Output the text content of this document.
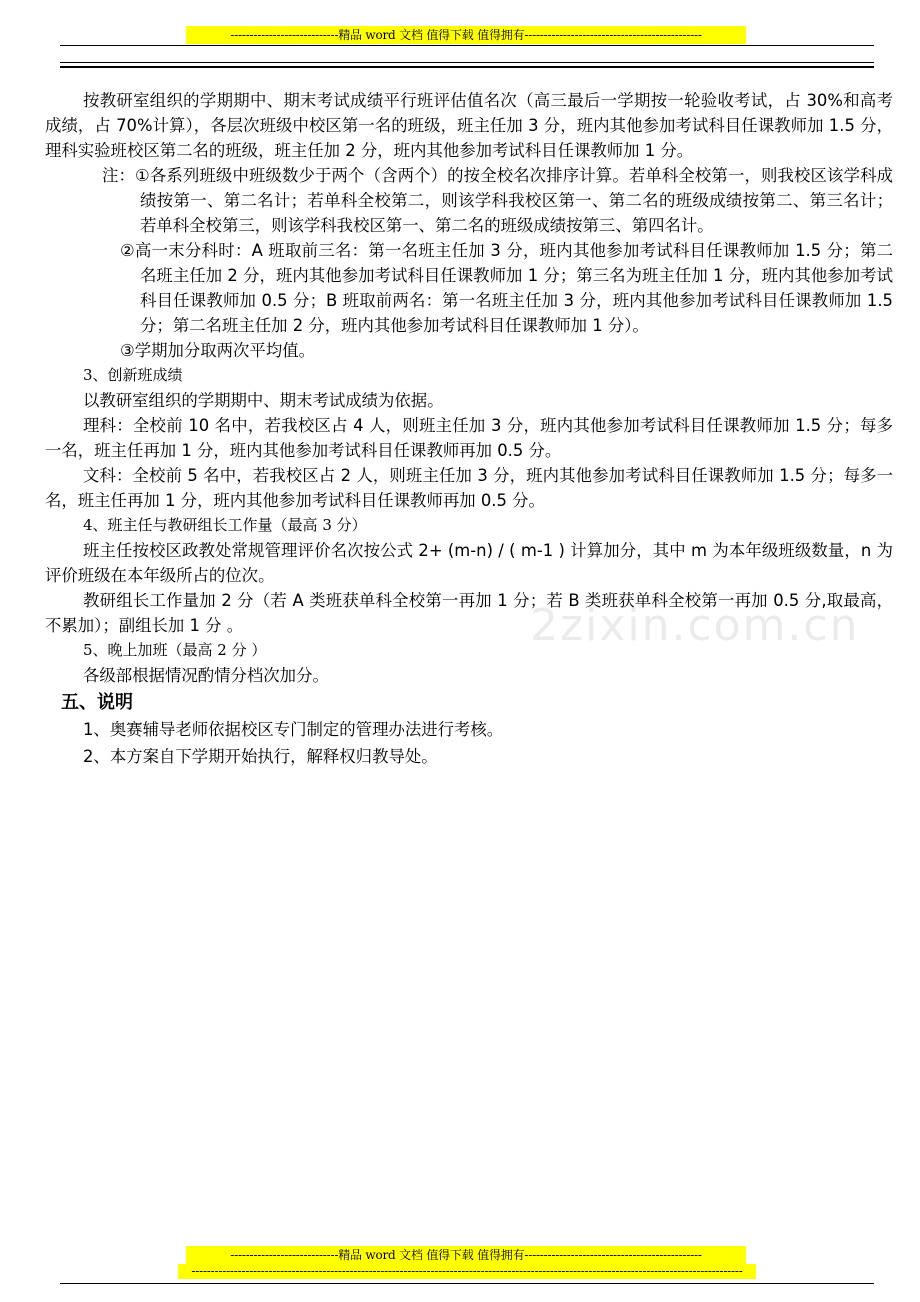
----------------------------精品 word 文档 值得下载 值得拥有----------------------------------------------
2zixin.com.cn

按教研室组织的学期期中、期末考试成绩平行班评估值名次（高三最后一学期按一轮验收考试，占 30%和高考成绩，占 70%计算），各层次班级中校区第一名的班级，班主任加 3 分，班内其他参加考试科目任课教师加 1.5 分，理科实验班校区第二名的班级，班主任加 2 分，班内其他参加考试科目任课教师加 1 分。

注：①各系列班级中班级数少于两个（含两个）的按全校名次排序计算。若单科全校第一，则我校区该学科成绩按第一、第二名计；若单科全校第二，则该学科我校区第一、第二名的班级成绩按第二、第三名计；若单科全校第三，则该学科我校区第一、第二名的班级成绩按第三、第四名计。

②高一末分科时：A 班取前三名：第一名班主任加 3 分，班内其他参加考试科目任课教师加 1.5 分；第二名班主任加 2 分，班内其他参加考试科目任课教师加 1 分；第三名为班主任加 1 分，班内其他参加考试科目任课教师加 0.5 分；B 班取前两名：第一名班主任加 3 分，班内其他参加考试科目任课教师加 1.5 分；第二名班主任加 2 分，班内其他参加考试科目任课教师加 1 分）。

③学期加分取两次平均值。

3、创新班成绩

以教研室组织的学期期中、期末考试成绩为依据。

理科：全校前 10 名中，若我校区占 4 人，则班主任加 3 分，班内其他参加考试科目任课教师加 1.5 分；每多一名，班主任再加 1 分，班内其他参加考试科目任课教师再加 0.5 分。

文科：全校前 5 名中，若我校区占 2 人，则班主任加 3 分，班内其他参加考试科目任课教师加 1.5 分；每多一名，班主任再加 1 分，班内其他参加考试科目任课教师再加 0.5 分。

4、班主任与教研组长工作量（最高 3 分）

班主任按校区政教处常规管理评价名次按公式 2+ (m-n) / ( m-1 ) 计算加分，其中 m 为本年级班级数量，n 为评价班级在本年级所占的位次。

教研组长工作量加 2 分（若 A 类班获单科全校第一再加 1 分；若 B 类班获单科全校第一再加 0.5 分,取最高，不累加）；副组长加 1 分 。

5、晚上加班（最高 2 分 ）

各级部根据情况酌情分档次加分。

五、说明

1、奥赛辅导老师依据校区专门制定的管理办法进行考核。

2、本方案自下学期开始执行，解释权归教导处。

----------------------------精品 word 文档 值得下载 值得拥有----------------------------------------------
-----------------------------------------------------------------------------------------------------------------------------------------------
